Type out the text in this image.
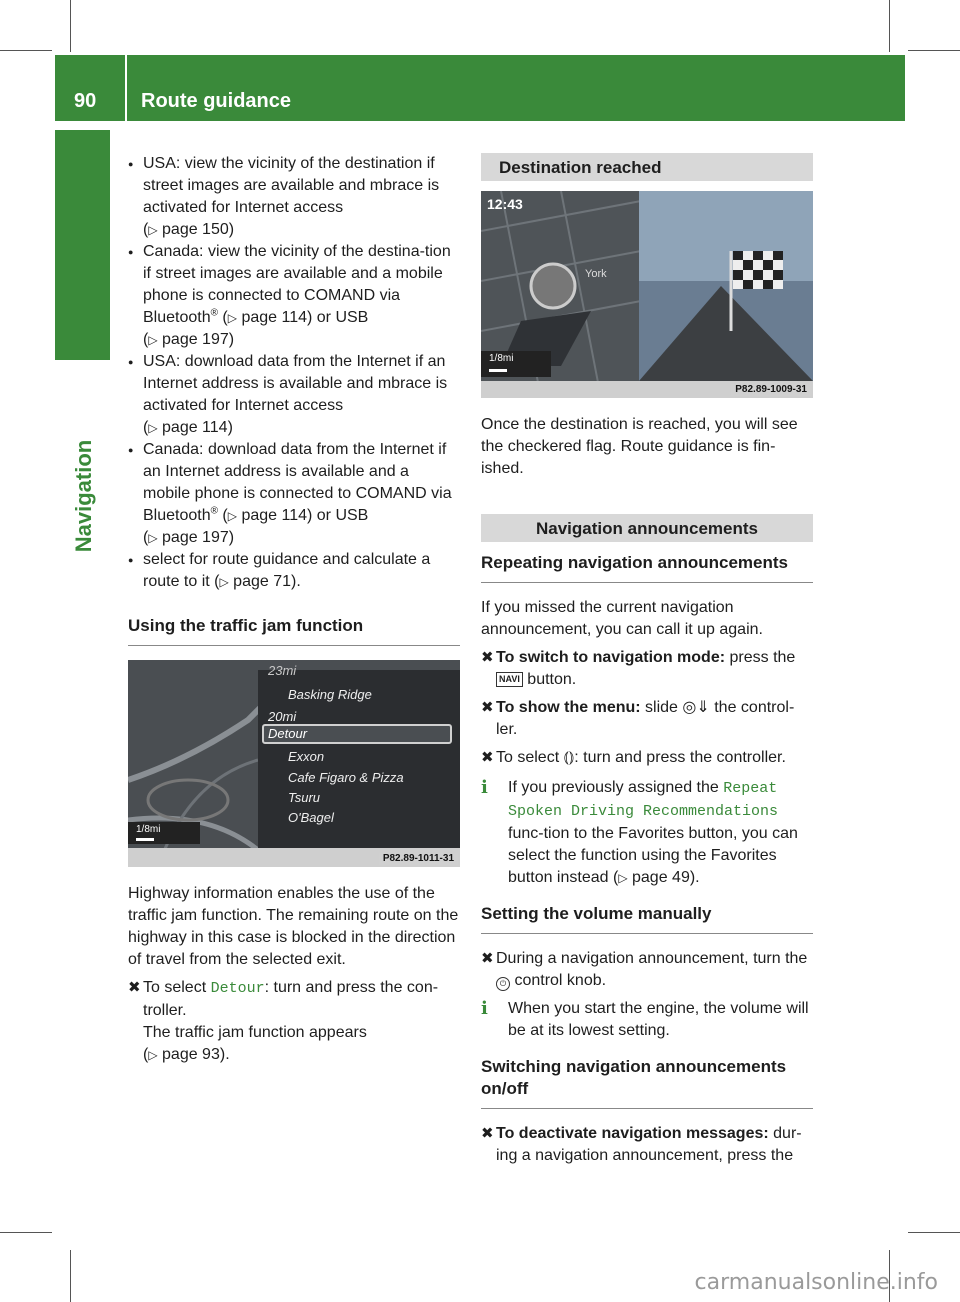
90 Route guidance
Navigation
● USA: view the vicinity of the destination if street images are available and mbrace is activated for Internet access
(▷ page 150)
● Canada: view the vicinity of the destina-tion if street images are available and a mobile phone is connected to COMAND via Bluetooth® (▷ page 114) or USB
(▷ page 197)
● USA: download data from the Internet if an Internet address is available and mbrace is activated for Internet access
(▷ page 114)
● Canada: download data from the Internet if an Internet address is available and a mobile phone is connected to COMAND via Bluetooth® (▷ page 114) or USB
(▷ page 197)
● select for route guidance and calculate a route to it (▷ page 71).
Using the traffic jam function
23mi
Basking Ridge
20mi
Detour
Exxon
Cafe Figaro & Pizza
Tsuru
O'Bagel
1/8mi
P82.89-1011-31
Highway information enables the use of the traffic jam function. The remaining route on the highway in this case is blocked in the direction of travel from the selected exit.
✖ To select Detour: turn and press the con-troller.
The traffic jam function appears
(▷ page 93).
Destination reached
12:43
York
1/8mi
P82.89-1009-31
Once the destination is reached, you will see the checkered flag. Route guidance is fin-ished.
Navigation announcements
Repeating navigation announcements
If you missed the current navigation announcement, you can call it up again.
✖ To switch to navigation mode: press the
NAVI button.
✖ To show the menu: slide ◎⇓ the control-ler.
✖ To select ⦅⦆: turn and press the controller.
i If you previously assigned the Repeat Spoken Driving Recommendations func-tion to the Favorites button, you can select the function using the Favorites button instead (▷ page 49).
Setting the volume manually
✖ During a navigation announcement, turn the ⏻ control knob.
i When you start the engine, the volume will be at its lowest setting.
Switching navigation announcements on/off
✖ To deactivate navigation messages: dur-ing a navigation announcement, press the
carmanualsonline.info
